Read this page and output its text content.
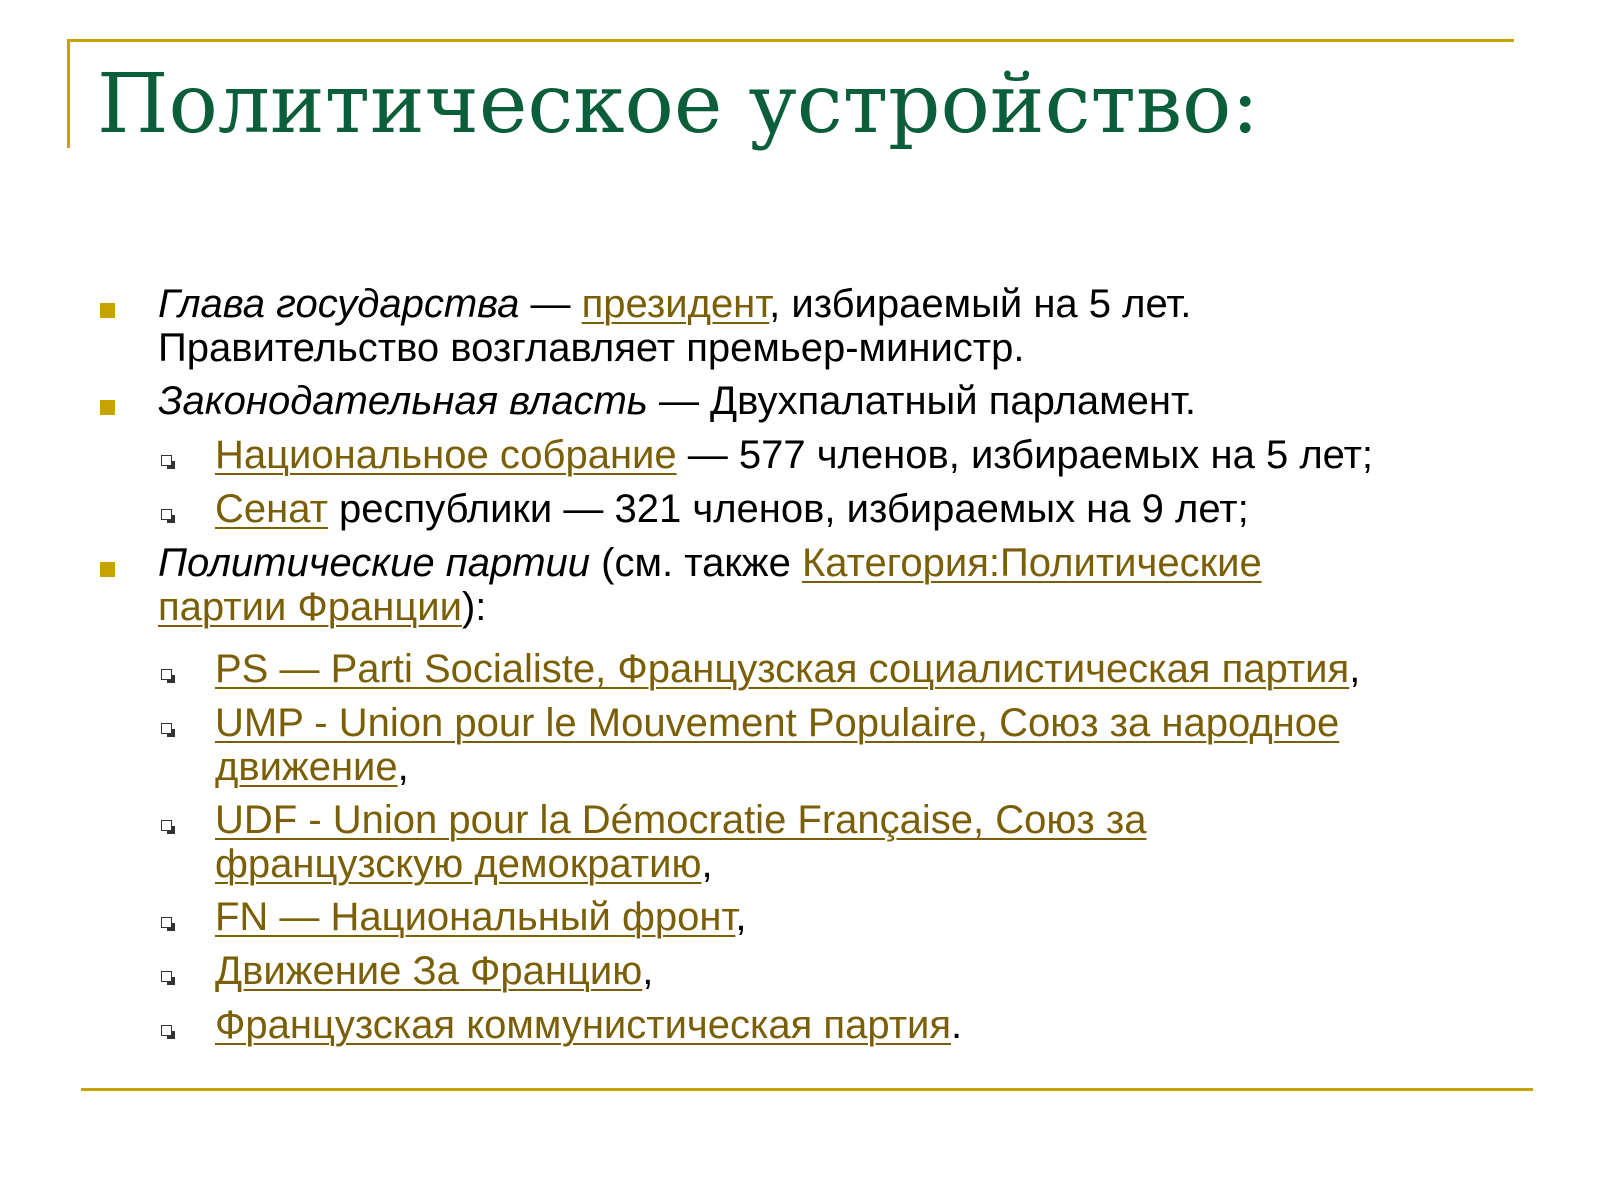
Политическое устройство:
Глава государства — президент, избираемый на 5 лет.
Правительство возглавляет премьер-министр.
Законодательная власть — Двухпалатный парламент.
Национальное собрание — 577 членов, избираемых на 5 лет;
Сенат республики — 321 членов, избираемых на 9 лет;
Политические партии (см. также Категория:Политические
партии Франции):
PS — Parti Socialiste, Французская социалистическая партия,
UMP - Union pour le Mouvement Populaire, Союз за народное
движение,
UDF - Union pour la Démocratie Française, Союз за
французскую демократию,
FN — Национальный фронт,
Движение За Францию,
Французская коммунистическая партия.
